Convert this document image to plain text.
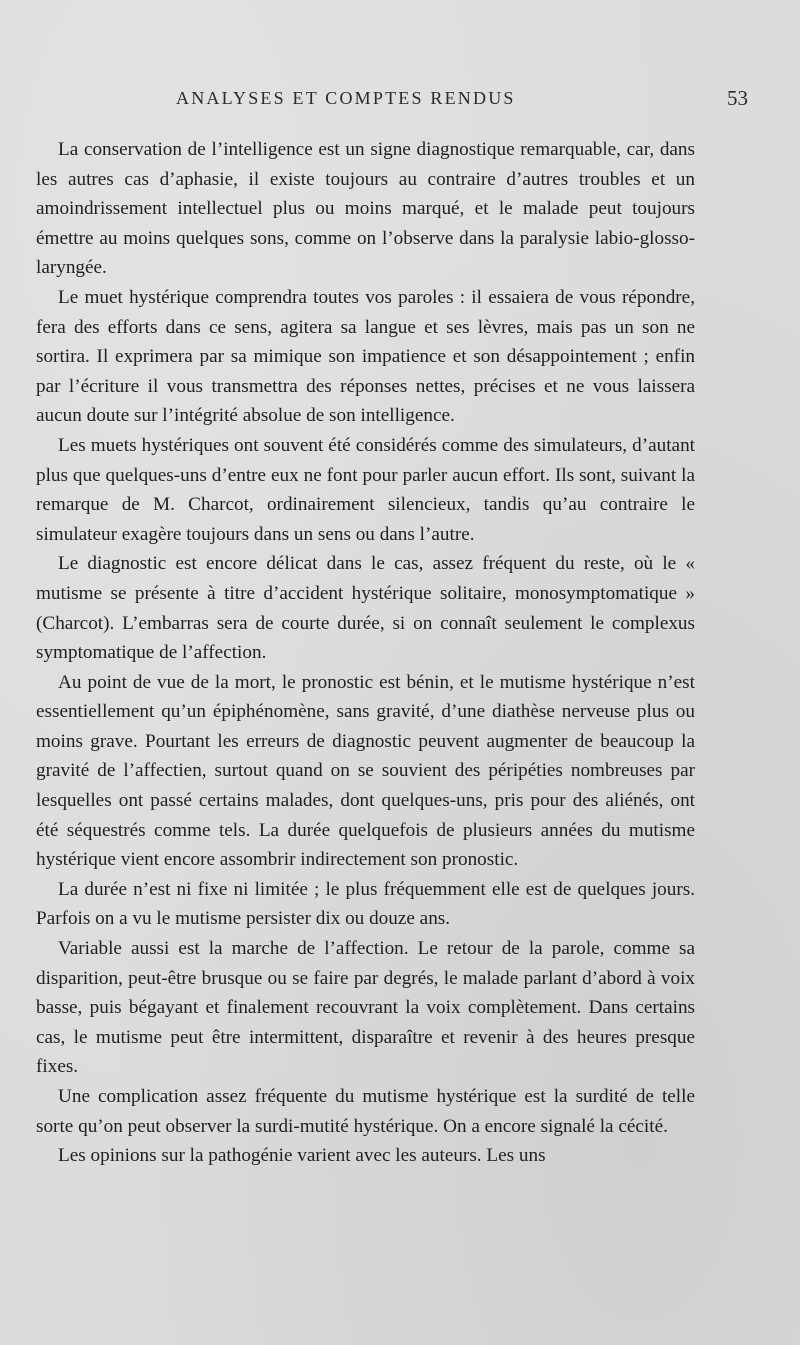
ANALYSES ET COMPTES RENDUS	53

La conservation de l’intelligence est un signe diagnostique remarquable, car, dans les autres cas d’aphasie, il existe toujours au contraire d’autres troubles et un amoindrissement intellectuel plus ou moins marqué, et le malade peut toujours émettre au moins quelques sons, comme on l’observe dans la paralysie labio-glosso-laryngée.

Le muet hystérique comprendra toutes vos paroles : il essaiera de vous répondre, fera des efforts dans ce sens, agitera sa langue et ses lèvres, mais pas un son ne sortira. Il exprimera par sa mimique son impatience et son désappointement ; enfin par l’écriture il vous transmettra des réponses nettes, précises et ne vous laissera aucun doute sur l’intégrité absolue de son intelligence.

Les muets hystériques ont souvent été considérés comme des simulateurs, d’autant plus que quelques-uns d’entre eux ne font pour parler aucun effort. Ils sont, suivant la remarque de M. Charcot, ordinairement silencieux, tandis qu’au contraire le simulateur exagère toujours dans un sens ou dans l’autre.

Le diagnostic est encore délicat dans le cas, assez fréquent du reste, où le « mutisme se présente à titre d’accident hystérique solitaire, monosymptomatique » (Charcot). L’embarras sera de courte durée, si on connaît seulement le complexus symptomatique de l’affection.

Au point de vue de la mort, le pronostic est bénin, et le mutisme hystérique n’est essentiellement qu’un épiphénomène, sans gravité, d’une diathèse nerveuse plus ou moins grave. Pourtant les erreurs de diagnostic peuvent augmenter de beaucoup la gravité de l’affectien, surtout quand on se souvient des péripéties nombreuses par lesquelles ont passé certains malades, dont quelques-uns, pris pour des aliénés, ont été séquestrés comme tels. La durée quelquefois de plusieurs années du mutisme hystérique vient encore assombrir indirectement son pronostic.

La durée n’est ni fixe ni limitée ; le plus fréquemment elle est de quelques jours. Parfois on a vu le mutisme persister dix ou douze ans.

Variable aussi est la marche de l’affection. Le retour de la parole, comme sa disparition, peut-être brusque ou se faire par degrés, le malade parlant d’abord à voix basse, puis bégayant et finalement recouvrant la voix complètement. Dans certains cas, le mutisme peut être intermittent, disparaître et revenir à des heures presque fixes.

Une complication assez fréquente du mutisme hystérique est la surdité de telle sorte qu’on peut observer la surdi-mutité hystérique. On a encore signalé la cécité.

Les opinions sur la pathogénie varient avec les auteurs. Les uns
